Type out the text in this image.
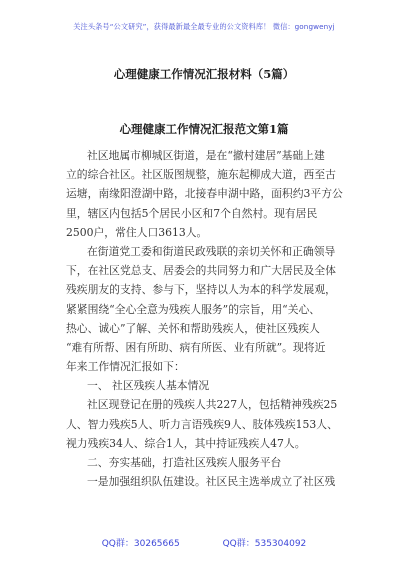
关注头条号“公文研究”，获得最新最全最专业的公文资料库！ 微信：gongwenyj
心理健康工作情况汇报材料（5篇）
心理健康工作情况汇报范文第1篇
社区地属市柳城区街道，是在“撤村建居”基础上建
立的综合社区。社区版图规整，施东起柳成大道，西至古
运塘，南缘阳澄湖中路，北接春申湖中路，面积约3平方公
里，辖区内包括5个居民小区和7个自然村。现有居民
2500户，常住人口3613人。
在街道党工委和街道民政残联的亲切关怀和正确领导
下，在社区党总支、居委会的共同努力和广大居民及全体
残疾朋友的支持、参与下，坚持以人为本的科学发展观，
紧紧围绕“全心全意为残疾人服务”的宗旨，用“关心、
热心、诚心”了解、关怀和帮助残疾人，使社区残疾人
“难有所帮、困有所助、病有所医、业有所就”。现将近
年来工作情况汇报如下：
一、 社区残疾人基本情况
社区现登记在册的残疾人共227人，包括精神残疾25
人、智力残疾5人、听力言语残疾9人、肢体残疾153人、
视力残疾34人、综合1人，其中持证残疾人47人。
二、夯实基础，打造社区残疾人服务平台
一是加强组织队伍建设。社区民主选举成立了社区残
QQ群：30265665	QQ群：535304092
